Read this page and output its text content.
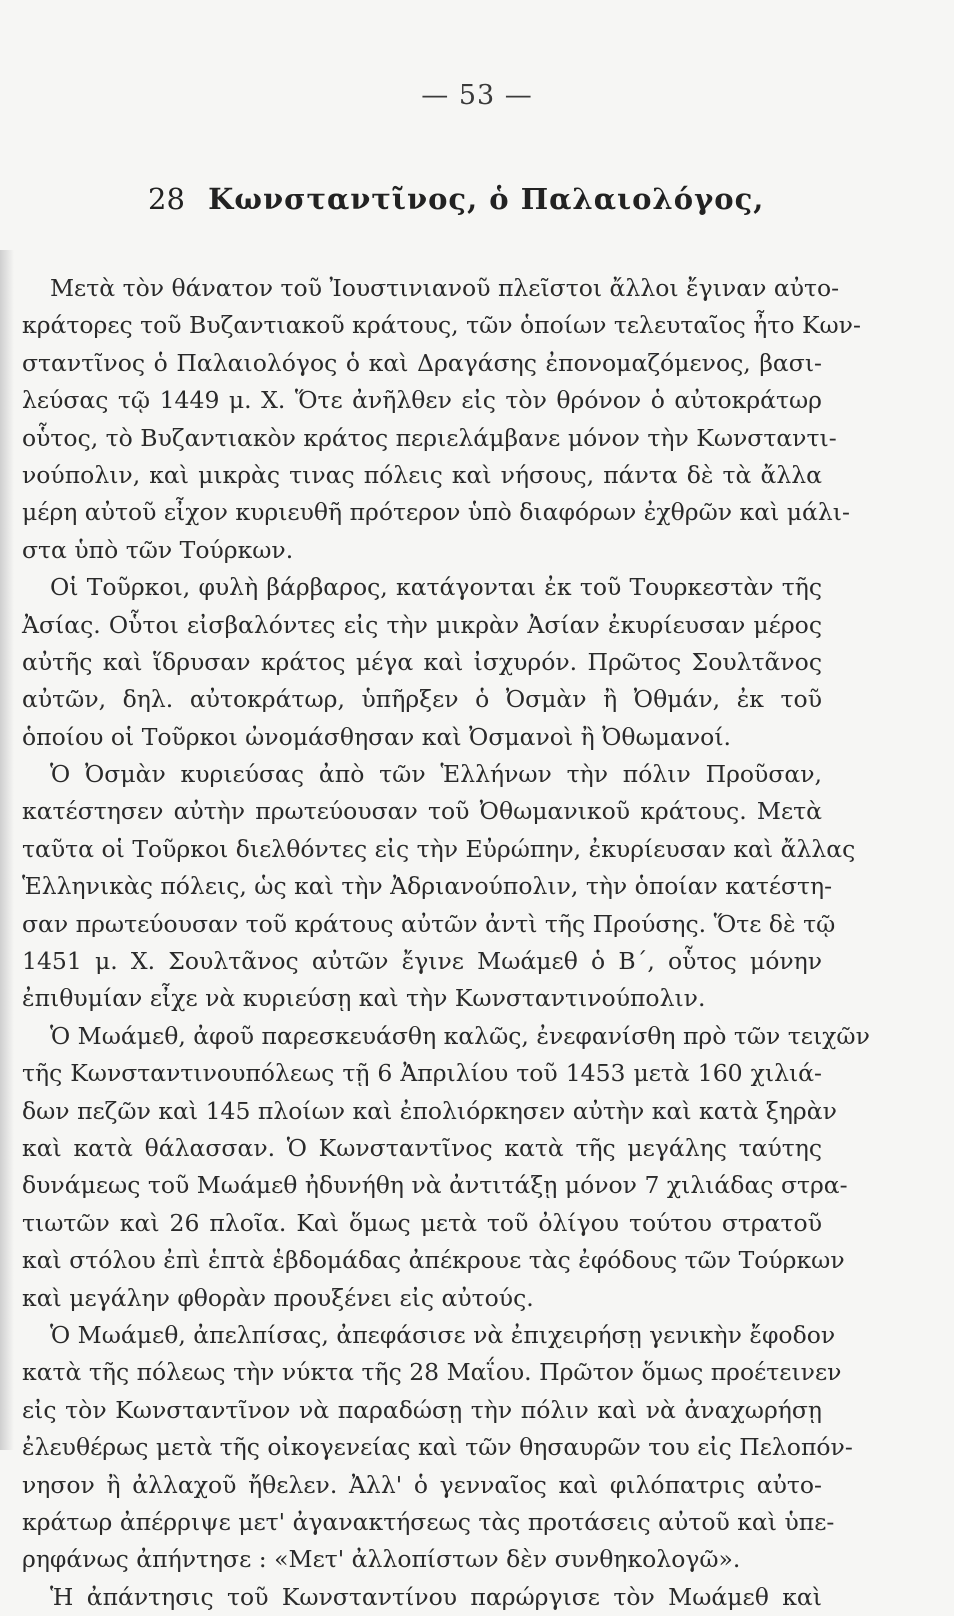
— 53 —
28 Κωνσταντῖνος, ὁ Παλαιολόγος,
Μετὰ τὸν θάνατον τοῦ Ἰουστινιανοῦ πλεῖστοι ἄλλοι ἔγιναν αὐτο-
κράτορες τοῦ Βυζαντιακοῦ κράτους, τῶν ὁποίων τελευταῖος ἦτο Κων-
σταντῖνος ὁ Παλαιολόγος ὁ καὶ Δραγάσης ἐπονομαζόμενος, βασι-
λεύσας τῷ 1449 μ. Χ. Ὅτε ἀνῆλθεν εἰς τὸν θρόνον ὁ αὐτοκράτωρ
οὗτος, τὸ Βυζαντιακὸν κράτος περιελάμβανε μόνον τὴν Κωνσταντι-
νούπολιν, καὶ μικρὰς τινας πόλεις καὶ νήσους, πάντα δὲ τὰ ἄλλα
μέρη αὐτοῦ εἶχον κυριευθῆ πρότερον ὑπὸ διαφόρων ἐχθρῶν καὶ μάλι-
στα ὑπὸ τῶν Τούρκων.
Οἱ Τοῦρκοι, φυλὴ βάρβαρος, κατάγονται ἐκ τοῦ Τουρκεστὰν τῆς
Ἀσίας. Οὗτοι εἰσβαλόντες εἰς τὴν μικρὰν Ἀσίαν ἐκυρίευσαν μέρος
αὐτῆς καὶ ἵδρυσαν κράτος μέγα καὶ ἰσχυρόν. Πρῶτος Σουλτᾶνος
αὐτῶν, δηλ. αὐτοκράτωρ, ὑπῆρξεν ὁ Ὀσμὰν ἢ Ὀθμάν, ἐκ τοῦ
ὁποίου οἱ Τοῦρκοι ὠνομάσθησαν καὶ Ὀσμανοὶ ἢ Ὀθωμανοί.
Ὁ Ὀσμὰν κυριεύσας ἀπὸ τῶν Ἑλλήνων τὴν πόλιν Προῦσαν,
κατέστησεν αὐτὴν πρωτεύουσαν τοῦ Ὀθωμανικοῦ κράτους. Μετὰ
ταῦτα οἱ Τοῦρκοι διελθόντες εἰς τὴν Εὐρώπην, ἐκυρίευσαν καὶ ἄλλας
Ἑλληνικὰς πόλεις, ὡς καὶ τὴν Ἀδριανούπολιν, τὴν ὁποίαν κατέστη-
σαν πρωτεύουσαν τοῦ κράτους αὐτῶν ἀντὶ τῆς Προύσης. Ὅτε δὲ τῷ
1451 μ. Χ. Σουλτᾶνος αὐτῶν ἔγινε Μωάμεθ ὁ Β΄, οὗτος μόνην
ἐπιθυμίαν εἶχε νὰ κυριεύσῃ καὶ τὴν Κωνσταντινούπολιν.
Ὁ Μωάμεθ, ἀφοῦ παρεσκευάσθη καλῶς, ἐνεφανίσθη πρὸ τῶν τειχῶν
τῆς Κωνσταντινουπόλεως τῇ 6 Ἀπριλίου τοῦ 1453 μετὰ 160 χιλιά-
δων πεζῶν καὶ 145 πλοίων καὶ ἐπολιόρκησεν αὐτὴν καὶ κατὰ ξηρὰν
καὶ κατὰ θάλασσαν. Ὁ Κωνσταντῖνος κατὰ τῆς μεγάλης ταύτης
δυνάμεως τοῦ Μωάμεθ ἠδυνήθη νὰ ἀντιτάξῃ μόνον 7 χιλιάδας στρα-
τιωτῶν καὶ 26 πλοῖα. Καὶ ὅμως μετὰ τοῦ ὀλίγου τούτου στρατοῦ
καὶ στόλου ἐπὶ ἑπτὰ ἑβδομάδας ἀπέκρουε τὰς ἐφόδους τῶν Τούρκων
καὶ μεγάλην φθορὰν προυξένει εἰς αὐτούς.
Ὁ Μωάμεθ, ἀπελπίσας, ἀπεφάσισε νὰ ἐπιχειρήσῃ γενικὴν ἔφοδον
κατὰ τῆς πόλεως τὴν νύκτα τῆς 28 Μαΐου. Πρῶτον ὅμως προέτεινεν
εἰς τὸν Κωνσταντῖνον νὰ παραδώσῃ τὴν πόλιν καὶ νὰ ἀναχωρήσῃ
ἐλευθέρως μετὰ τῆς οἰκογενείας καὶ τῶν θησαυρῶν του εἰς Πελοπόν-
νησον ἢ ἀλλαχοῦ ἤθελεν. Ἀλλ' ὁ γενναῖος καὶ φιλόπατρις αὐτο-
κράτωρ ἀπέρριψε μετ' ἀγανακτήσεως τὰς προτάσεις αὐτοῦ καὶ ὑπε-
ρηφάνως ἀπήντησε : «Μετ' ἀλλοπίστων δὲν συνθηκολογῶ».
Ἡ ἀπάντησις τοῦ Κωνσταντίνου παρώργισε τὸν Μωάμεθ καὶ
